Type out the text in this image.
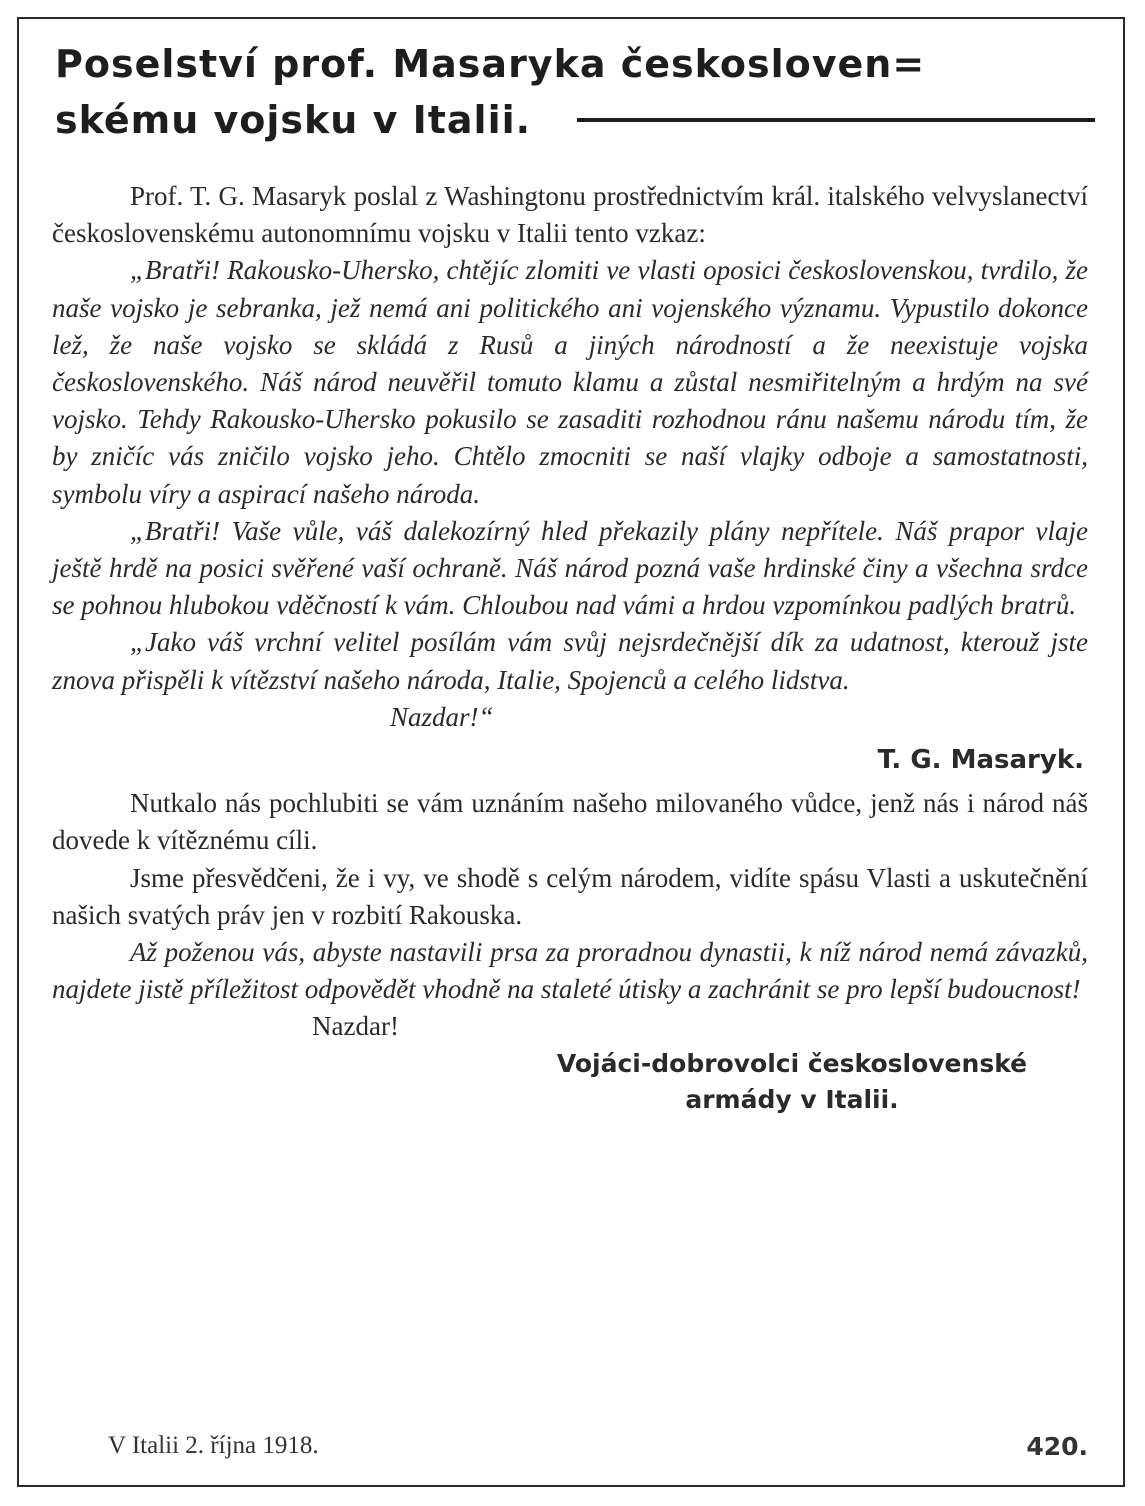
Poselství prof. Masaryka českosloven=
skému vojsku v Italii.

Prof. T. G. Masaryk poslal z Washingtonu prostřednictvím král. italského velvyslanectví československému autonomnímu vojsku v Italii tento vzkaz:

„Bratři! Rakousko-Uhersko, chtějíc zlomiti ve vlasti oposici československou, tvrdilo, že naše vojsko je sebranka, jež nemá ani politického ani vojenského významu. Vypustilo dokonce lež, že naše vojsko se skládá z Rusů a jiných národností a že neexistuje vojska československého. Náš národ neuvěřil tomuto klamu a zůstal nesmiřitelným a hrdým na své vojsko. Tehdy Rakousko-Uhersko pokusilo se zasaditi rozhodnou ránu našemu národu tím, že by zničíc vás zničilo vojsko jeho. Chtělo zmocniti se naší vlajky odboje a samostatnosti, symbolu víry a aspirací našeho národa.

„Bratři! Vaše vůle, váš dalekozírný hled překazily plány nepřítele. Náš prapor vlaje ještě hrdě na posici svěřené vaší ochraně. Náš národ pozná vaše hrdinské činy a všechna srdce se pohnou hlubokou vděčností k vám. Chloubou nad vámi a hrdou vzpomínkou padlých bratrů.

„Jako váš vrchní velitel posílám vám svůj nejsrdečnější dík za udatnost, kterouž jste znova přispěli k vítězství našeho národa, Italie, Spojenců a celého lidstva.

Nazdar!“

T. G. Masaryk.

Nutkalo nás pochlubiti se vám uznáním našeho milovaného vůdce, jenž nás i národ náš dovede k vítěznému cíli.

Jsme přesvědčeni, že i vy, ve shodě s celým národem, vidíte spásu Vlasti a uskutečnění našich svatých práv jen v rozbití Rakouska.

Až poženou vás, abyste nastavili prsa za proradnou dynastii, k níž národ nemá závazků, najdete jistě příležitost odpovědět vhodně na staleté útisky a zachránit se pro lepší budoucnost!

Nazdar!

Vojáci-dobrovolci československé
armády v Italii.
V Italii 2. října 1918.	420.
